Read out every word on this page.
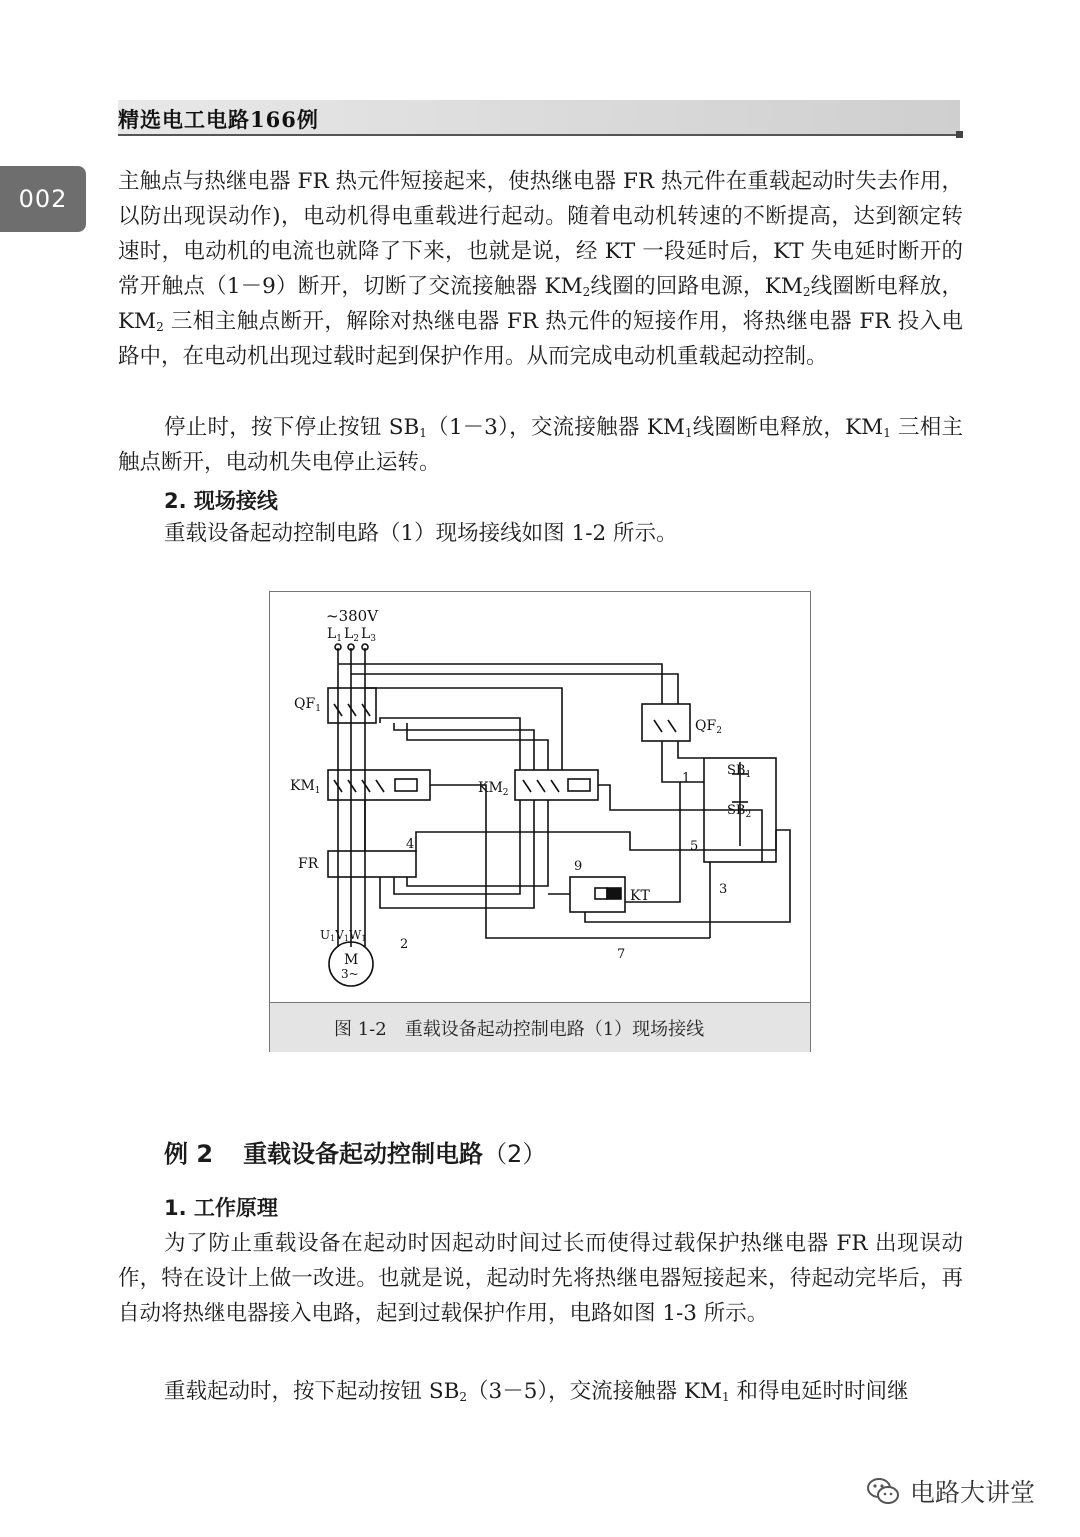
精选电工电路166例
002

主触点与热继电器 FR 热元件短接起来，使热继电器 FR 热元件在重载起动时失去作用，以防出现误动作)，电动机得电重载进行起动。随着电动机转速的不断提高，达到额定转速时，电动机的电流也就降了下来，也就是说，经 KT 一段延时后，KT 失电延时断开的常开触点（1－9）断开，切断了交流接触器 $KM_2$线圈的回路电源，$KM_2$线圈断电释放，$KM_2$ 三相主触点断开，解除对热继电器 FR 热元件的短接作用，将热继电器 FR 投入电路中，在电动机出现过载时起到保护作用。从而完成电动机重载起动控制。

停止时，按下停止按钮 $SB_1(1-3)$，交流接触器 $KM_1$线圈断电释放，$KM_1$ 三相主触点断开，电动机失电停止运转。

2. 现场接线

重载设备起动控制电路（1）现场接线如图 1-2 所示。

~380V
$L_1$ $L_2$ $L_3$
$QF_1$
$KM_1$
FR
$QF_2$
$KM_2$
KT
$SB_1$
$SB_2$
U1V1W1
M
3~
1
2
3
4	5
7
9
图 1-2　重载设备起动控制电路（1）现场接线
例 2 重载设备起动控制电路（2）
1. 工作原理

为了防止重载设备在起动时因起动时间过长而使得过载保护热继电器 FR 出现误动作，特在设计上做一改进。也就是说，起动时先将热继电器短接起来，待起动完毕后，再自动将热继电器接入电路，起到过载保护作用，电路如图 1-3 所示。

重载起动时，按下起动按钮 $SB_2(3-5)$，交流接触器 $KM_1$ 和得电延时时间继

电路大讲堂
